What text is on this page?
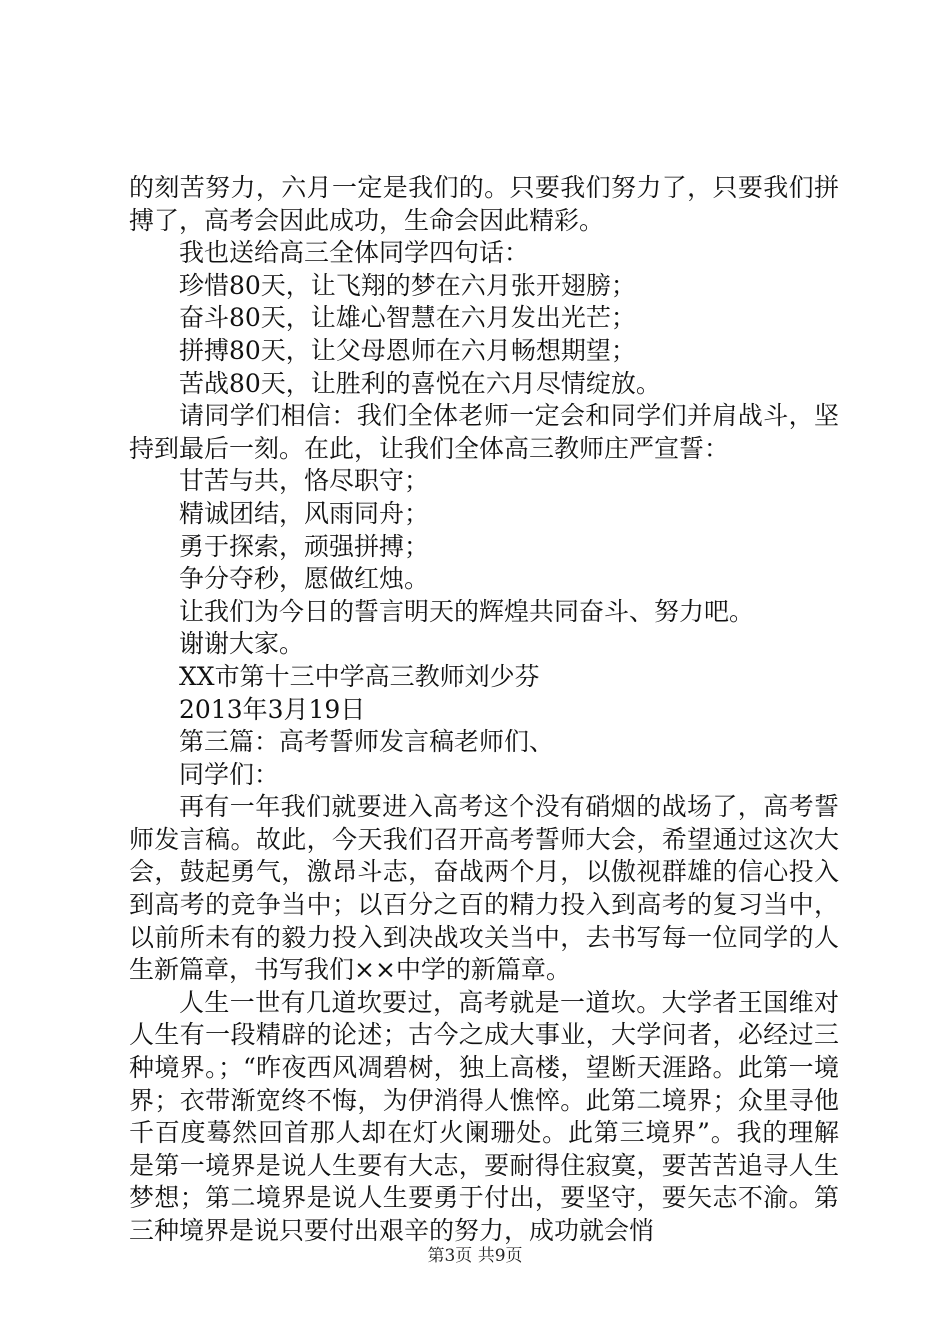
的刻苦努力，六月一定是我们的。只要我们努力了，只要我们拼搏了，高考会因此成功，生命会因此精彩。

我也送给高三全体同学四句话：

珍惜80天，让飞翔的梦在六月张开翅膀；

奋斗80天，让雄心智慧在六月发出光芒；

拼搏80天，让父母恩师在六月畅想期望；

苦战80天，让胜利的喜悦在六月尽情绽放。

请同学们相信：我们全体老师一定会和同学们并肩战斗，坚持到最后一刻。在此，让我们全体高三教师庄严宣誓：

甘苦与共，恪尽职守；

精诚团结，风雨同舟；

勇于探索，顽强拼搏；

争分夺秒，愿做红烛。

让我们为今日的誓言明天的辉煌共同奋斗、努力吧。

谢谢大家。

XX市第十三中学高三教师刘少芬

2013年3月19日

第三篇：高考誓师发言稿老师们、

同学们：

再有一年我们就要进入高考这个没有硝烟的战场了，高考誓师发言稿。故此，今天我们召开高考誓师大会，希望通过这次大会，鼓起勇气，激昂斗志，奋战两个月，以傲视群雄的信心投入到高考的竞争当中；以百分之百的精力投入到高考的复习当中，以前所未有的毅力投入到决战攻关当中，去书写每一位同学的人生新篇章，书写我们××中学的新篇章。

人生一世有几道坎要过，高考就是一道坎。大学者王国维对人生有一段精辟的论述；古今之成大事业，大学问者，必经过三种境界。；“昨夜西风凋碧树，独上高楼，望断天涯路。此第一境界；衣带渐宽终不悔，为伊消得人憔悴。此第二境界；众里寻他千百度蓦然回首那人却在灯火阑珊处。此第三境界”。我的理解是第一境界是说人生要有大志，要耐得住寂寞，要苦苦追寻人生梦想；第二境界是说人生要勇于付出，要坚守，要矢志不渝。第三种境界是说只要付出艰辛的努力，成功就会悄

第3页 共9页
